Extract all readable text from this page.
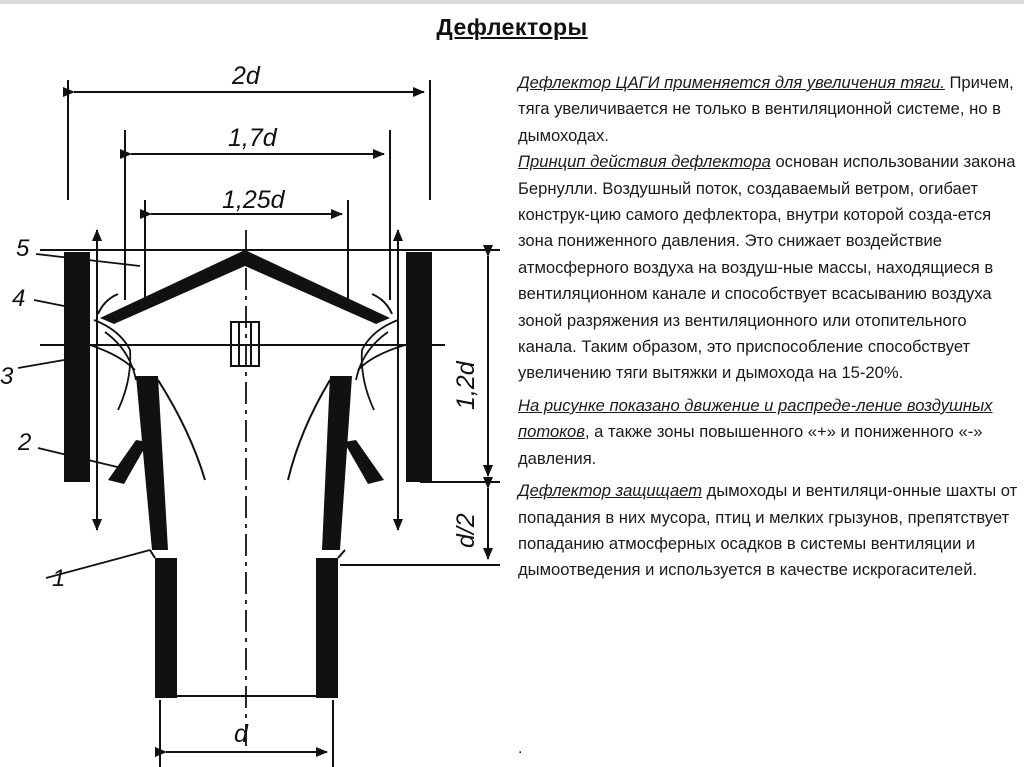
Дефлекторы
2d
1,7d
1,25d
1,2d
d/2
d
5
4
3
2
1

Дефлектор ЦАГИ применяется для увеличения тяги. Причем, тяга увеличивается не только в вентиляционной системе, но в дымоходах.

Принцип действия дефлектора основан использовании закона Бернулли. Воздушный поток, создаваемый ветром, огибает конструк-цию самого дефлектора, внутри которой созда-ется зона пониженного давления. Это снижает воздействие атмосферного воздуха на воздуш-ные массы, находящиеся в вентиляционном канале и способствует всасыванию воздуха зоной разряжения из вентиляционного или отопительного канала. Таким образом, это приспособление способствует увеличению тяги вытяжки и дымохода на 15-20%.

На рисунке показано движение и распреде-ление воздушных потоков, а также зоны повышенного «+» и пониженного «-» давления.

Дефлектор защищает дымоходы и вентиляци-онные шахты от попадания в них мусора, птиц и мелких грызунов, препятствует попаданию атмосферных осадков в системы вентиляции и дымоотведения и используется в качестве искрогасителей.

.
